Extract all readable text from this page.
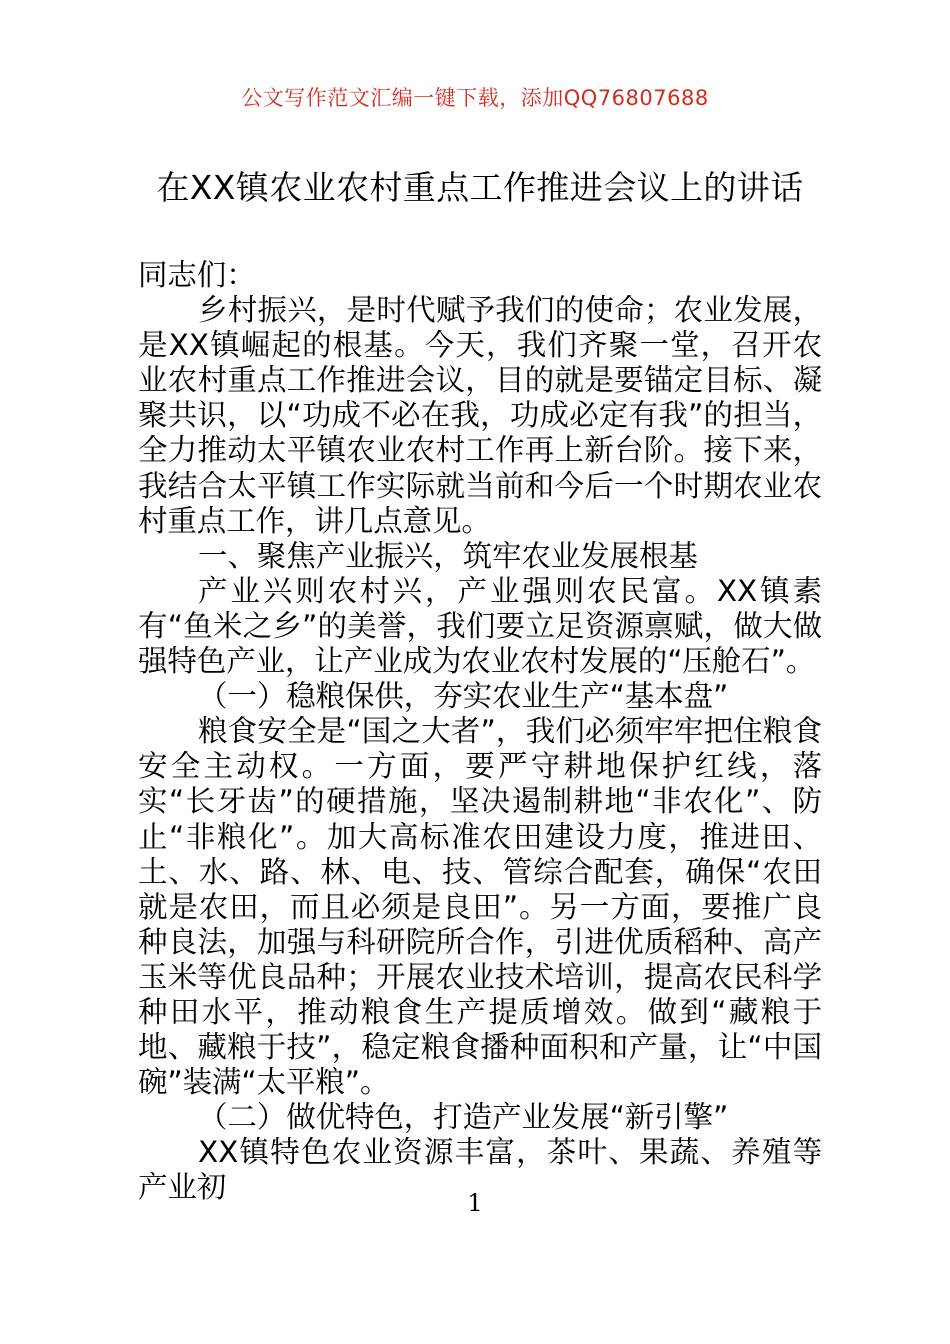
公文写作范文汇编一键下载，添加QQ76807688
在XX镇农业农村重点工作推进会议上的讲话

同志们：

乡村振兴，是时代赋予我们的使命；农业发展，是XX镇崛起的根基。今天，我们齐聚一堂，召开农业农村重点工作推进会议，目的就是要锚定目标、凝聚共识，以“功成不必在我，功成必定有我”的担当，全力推动太平镇农业农村工作再上新台阶。接下来，我结合太平镇工作实际就当前和今后一个时期农业农村重点工作，讲几点意见。

一、聚焦产业振兴，筑牢农业发展根基

产业兴则农村兴，产业强则农民富。XX镇素有“鱼米之乡”的美誉，我们要立足资源禀赋，做大做强特色产业，让产业成为农业农村发展的“压舱石”。

（一）稳粮保供，夯实农业生产“基本盘”

粮食安全是“国之大者”，我们必须牢牢把住粮食安全主动权。一方面，要严守耕地保护红线，落实“长牙齿”的硬措施，坚决遏制耕地“非农化”、防止“非粮化”。加大高标准农田建设力度，推进田、土、水、路、林、电、技、管综合配套，确保“农田就是农田，而且必须是良田”。另一方面，要推广良种良法，加强与科研院所合作，引进优质稻种、高产玉米等优良品种；开展农业技术培训，提高农民科学种田水平，推动粮食生产提质增效。做到“藏粮于地、藏粮于技”，稳定粮食播种面积和产量，让“中国碗”装满“太平粮”。

（二）做优特色，打造产业发展“新引擎”

XX镇特色农业资源丰富，茶叶、果蔬、养殖等产业初	1
